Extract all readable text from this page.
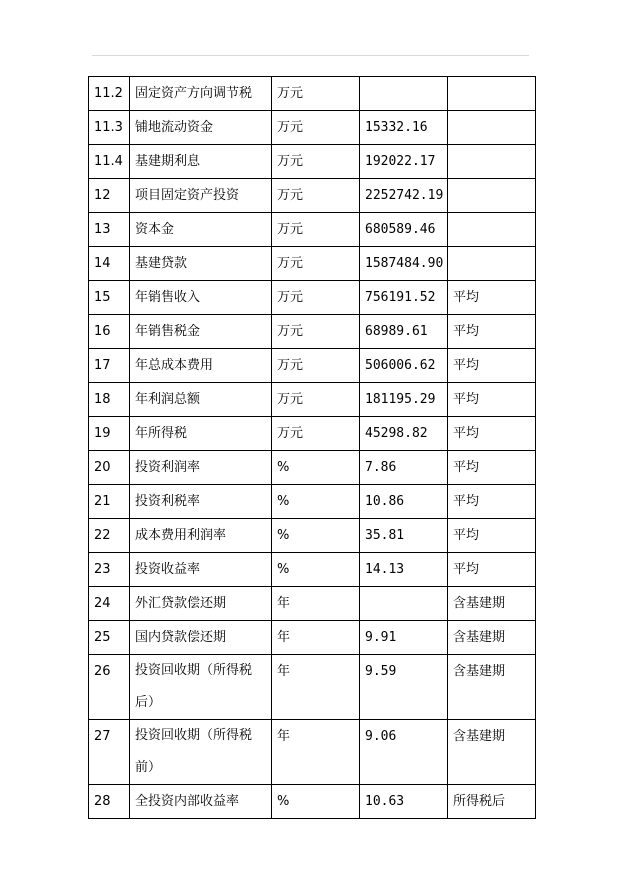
11.2	固定资产方向调节税	万元		
11.3	铺地流动资金	万元	15332.16	
11.4	基建期利息	万元	192022.17	
12	项目固定资产投资	万元	2252742.19	
13	资本金	万元	680589.46	
14	基建贷款	万元	1587484.90	
15	年销售收入	万元	756191.52	平均
16	年销售税金	万元	68989.61	平均
17	年总成本费用	万元	506006.62	平均
18	年利润总额	万元	181195.29	平均
19	年所得税	万元	45298.82	平均
20	投资利润率	%	7.86	平均
21	投资利税率	%	10.86	平均
22	成本费用利润率	%	35.81	平均
23	投资收益率	%	14.13	平均
24	外汇贷款偿还期	年		含基建期
25	国内贷款偿还期	年	9.91	含基建期
26	投资回收期（所得税后）	年	9.59	含基建期
27	投资回收期（所得税前）	年	9.06	含基建期
28	全投资内部收益率	%	10.63	所得税后
